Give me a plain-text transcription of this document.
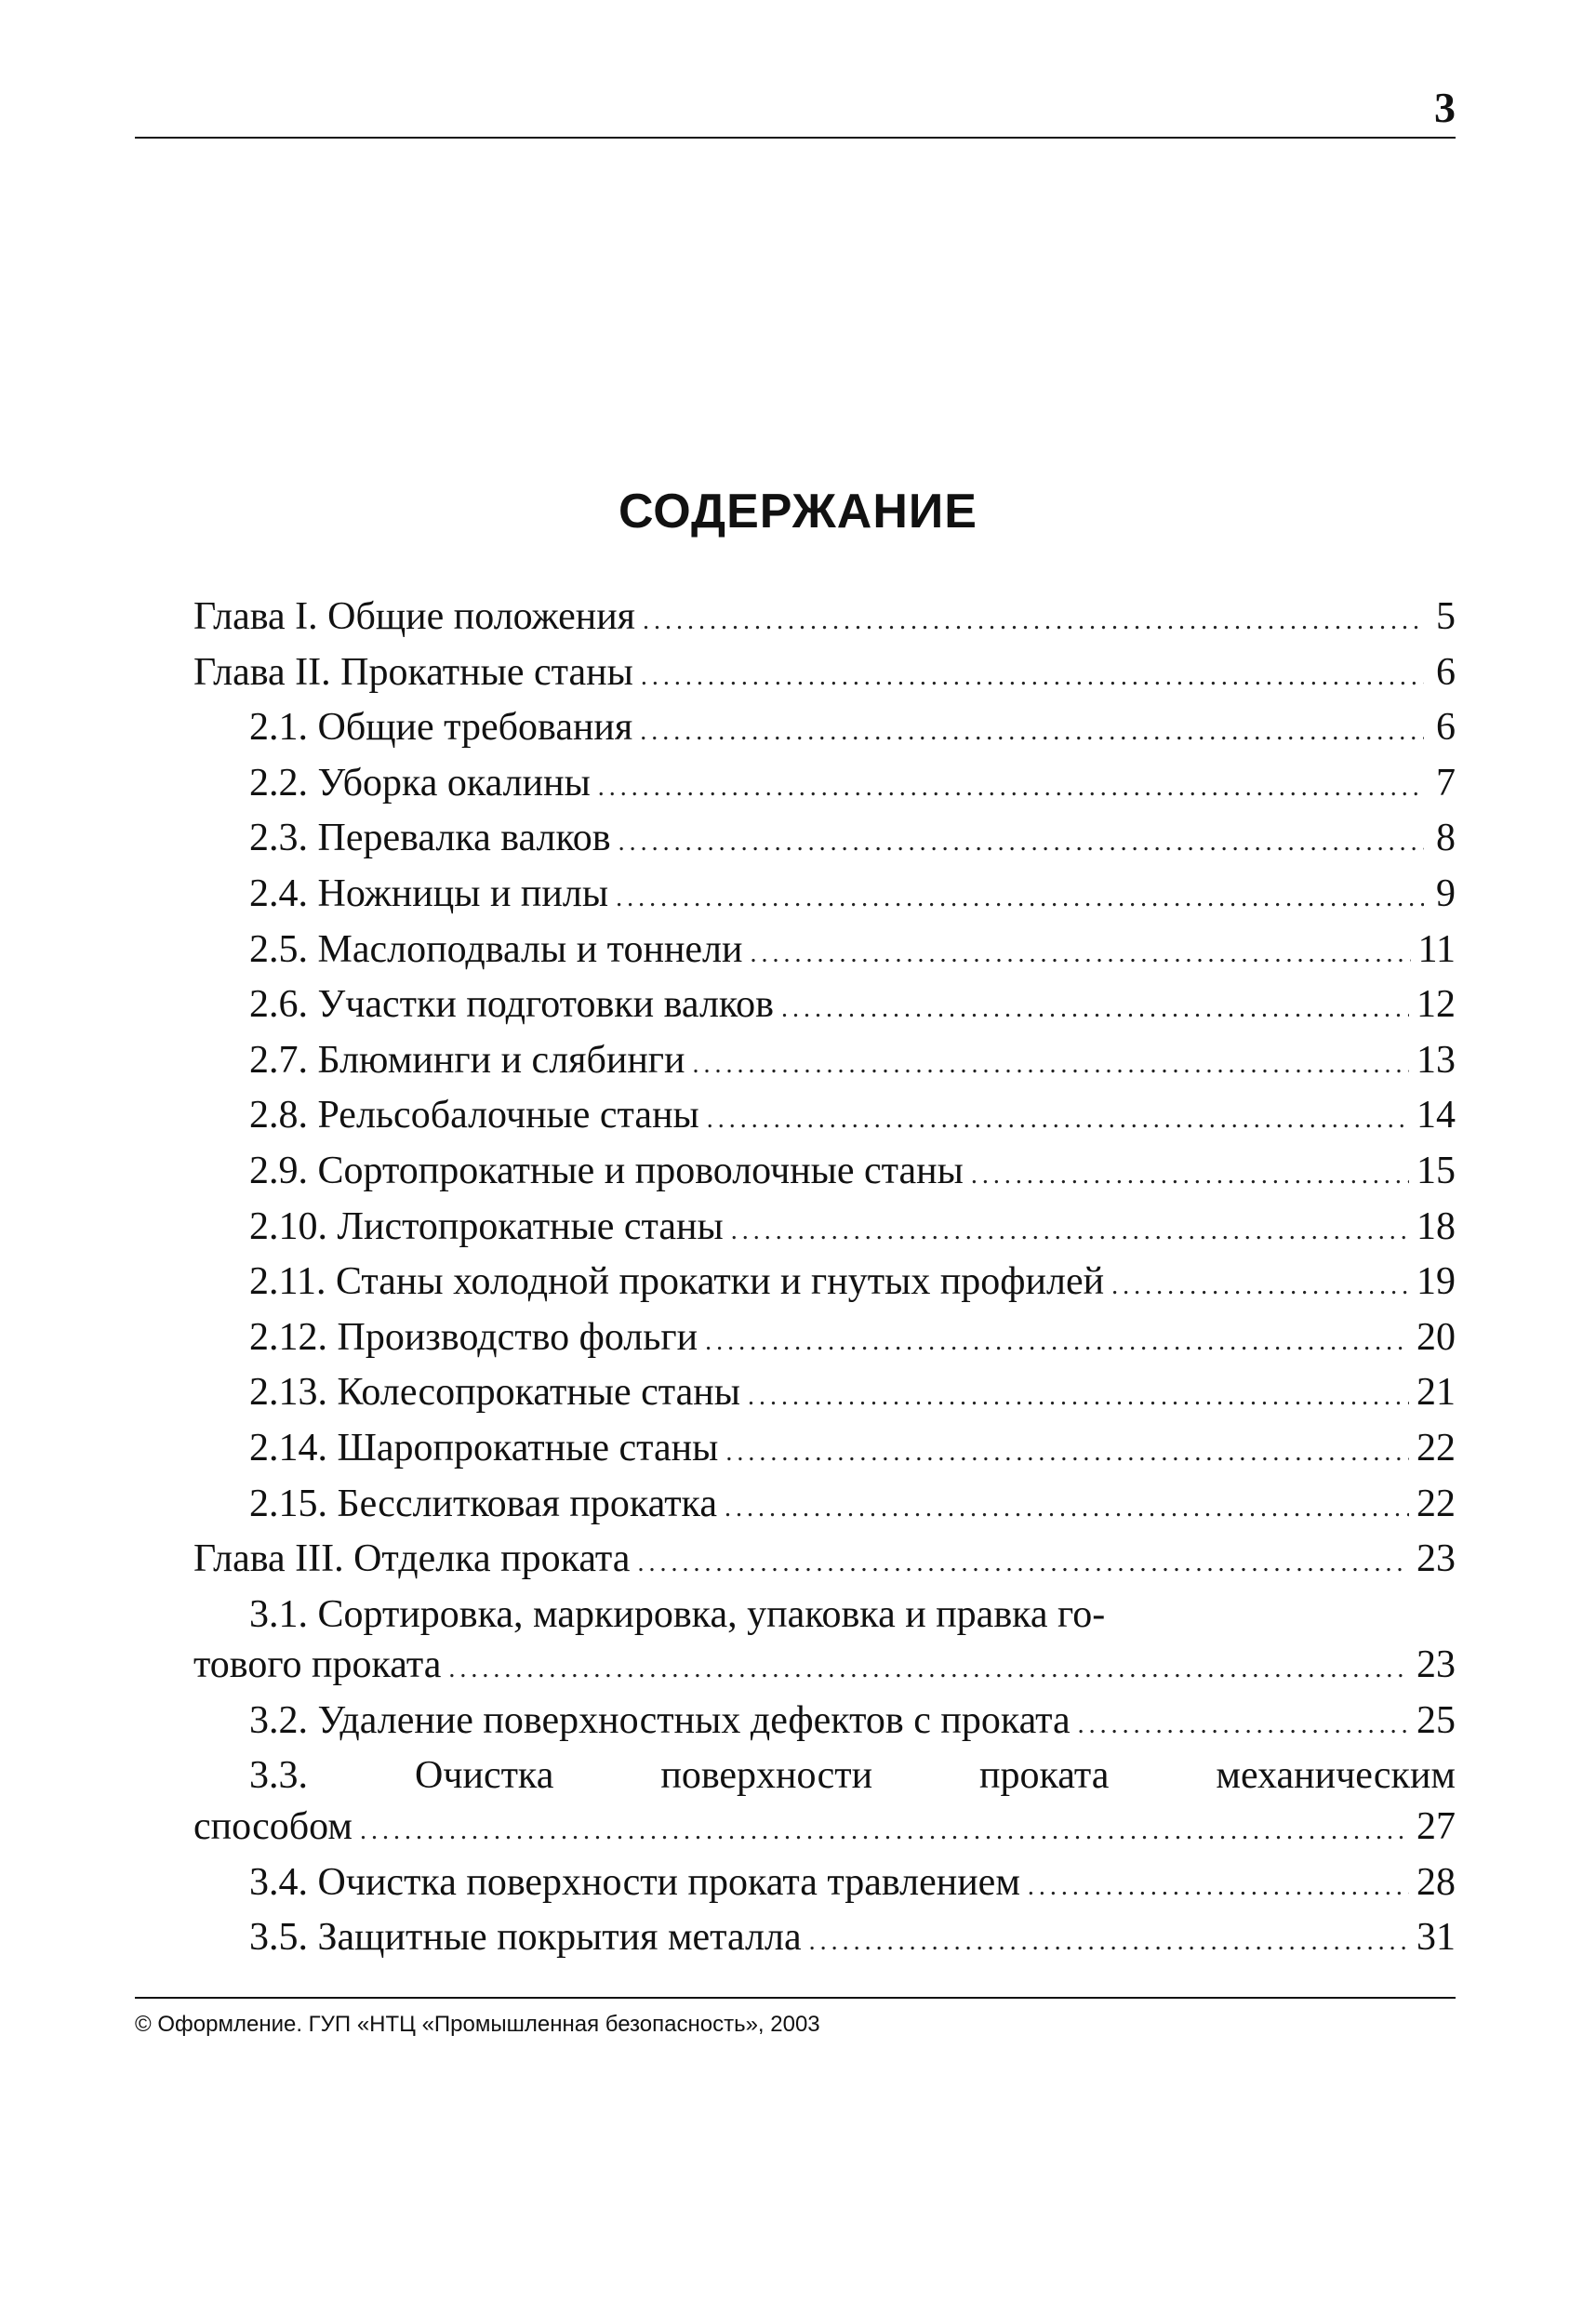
3
СОДЕРЖАНИЕ
Глава I. Общие положения .....	5
Глава II. Прокатные станы .....	6
2.1. Общие требования .....	6
2.2. Уборка окалины .....	7
2.3. Перевалка валков .....	8
2.4. Ножницы и пилы .....	9
2.5. Маслоподвалы и тоннели .....	11
2.6. Участки подготовки валков .....	12
2.7. Блюминги и слябинги .....	13
2.8. Рельсобалочные станы .....	14
2.9. Сортопрокатные и проволочные станы .....	15
2.10. Листопрокатные станы .....	18
2.11. Станы холодной прокатки и гнутых профилей .....	19
2.12. Производство фольги .....	20
2.13. Колесопрокатные станы .....	21
2.14. Шаропрокатные станы .....	22
2.15. Бесслитковая прокатка .....	22
Глава III. Отделка проката .....	23
3.1. Сортировка, маркировка, упаковка и правка го-
тового проката .....	23
3.2. Удаление поверхностных дефектов с проката .....	25
3.3. Очистка поверхности проката механическим
способом .....	27
3.4. Очистка поверхности проката травлением .....	28
3.5. Защитные покрытия металла .....	31
© Оформление. ГУП «НТЦ «Промышленная безопасность», 2003
